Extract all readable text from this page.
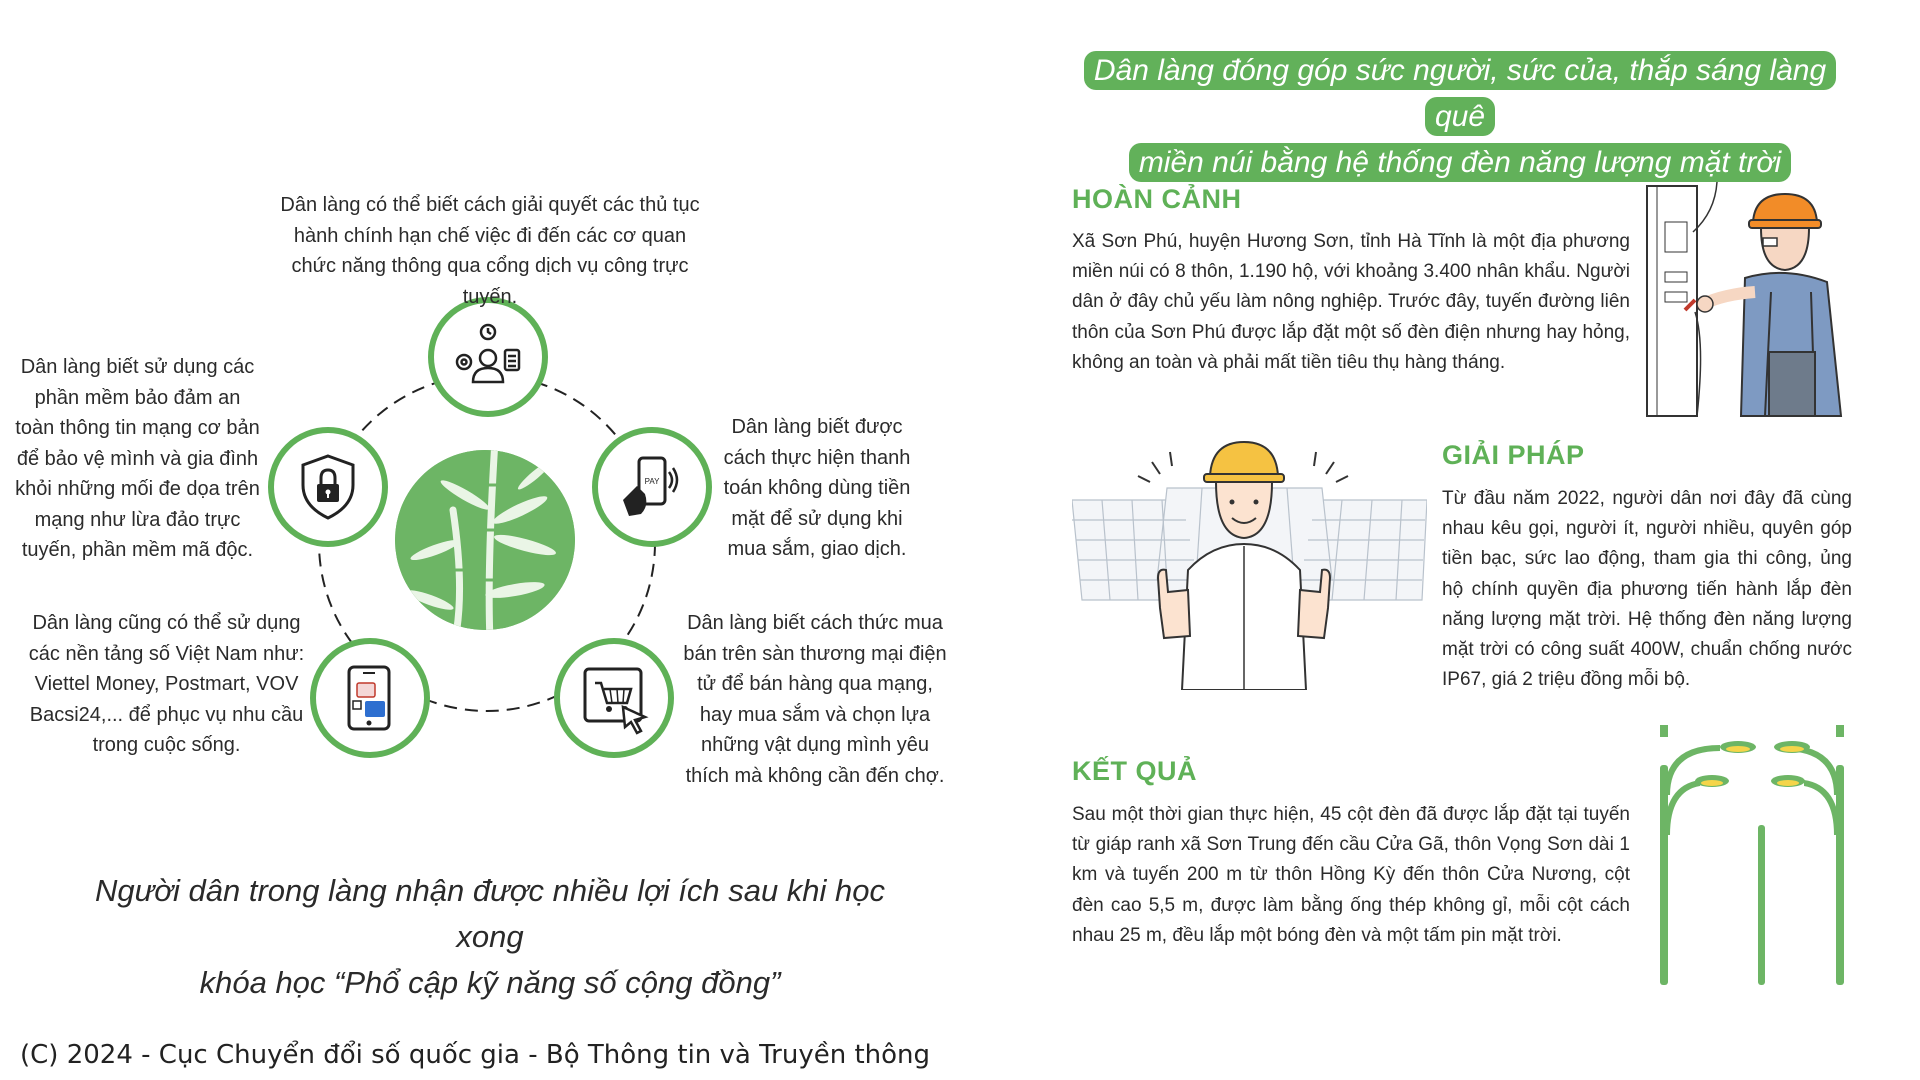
PAY
Dân làng có thể biết cách giải quyết các thủ tục hành chính hạn chế việc đi đến các cơ quan chức năng thông qua cổng dịch vụ công trực tuyến.
Dân làng biết sử dụng các phần mềm bảo đảm an toàn thông tin mạng cơ bản để bảo vệ mình và gia đình khỏi những mối đe dọa trên mạng như lừa đảo trực tuyến, phần mềm mã độc.
Dân làng biết được cách thực hiện thanh toán không dùng tiền mặt để sử dụng khi mua sắm, giao dịch.
Dân làng cũng có thể sử dụng các nền tảng số Việt Nam như: Viettel Money, Postmart, VOV Bacsi24,... để phục vụ nhu cầu trong cuộc sống.
Dân làng biết cách thức mua bán trên sàn thương mại điện tử để bán hàng qua mạng, hay mua sắm và chọn lựa những vật dụng mình yêu thích mà không cần đến chợ.
Người dân trong làng nhận được nhiều lợi ích sau khi học xong
khóa học “Phổ cập kỹ năng số cộng đồng”
(C) 2024 - Cục Chuyển đổi số quốc gia - Bộ Thông tin và Truyền thông
Dân làng đóng góp sức người, sức của, thắp sáng làng quê
miền núi bằng hệ thống đèn năng lượng mặt trời
HOÀN CẢNH
Xã Sơn Phú, huyện Hương Sơn, tỉnh Hà Tĩnh là một địa phương miền núi có 8 thôn, 1.190 hộ, với khoảng 3.400 nhân khẩu. Người dân ở đây chủ yếu làm nông nghiệp. Trước đây, tuyến đường liên thôn của Sơn Phú được lắp đặt một số đèn điện nhưng hay hỏng, không an toàn và phải mất tiền tiêu thụ hàng tháng.
GIẢI PHÁP
Từ đầu năm 2022, người dân nơi đây đã cùng nhau kêu gọi, người ít, người nhiều, quyên góp tiền bạc, sức lao động, tham gia thi công, ủng hộ chính quyền địa phương tiến hành lắp đèn năng lượng mặt trời. Hệ thống đèn năng lượng mặt trời có công suất 400W, chuẩn chống nước IP67, giá 2 triệu đồng mỗi bộ.
KẾT QUẢ
Sau một thời gian thực hiện, 45 cột đèn đã được lắp đặt tại tuyến từ giáp ranh xã Sơn Trung đến cầu Cửa Gã, thôn Vọng Sơn dài 1 km và tuyến 200 m từ thôn Hồng Kỳ đến thôn Cửa Nương, cột đèn cao 5,5 m, được làm bằng ống thép không gỉ, mỗi cột cách nhau 25 m, đều lắp một bóng đèn và một tấm pin mặt trời.
